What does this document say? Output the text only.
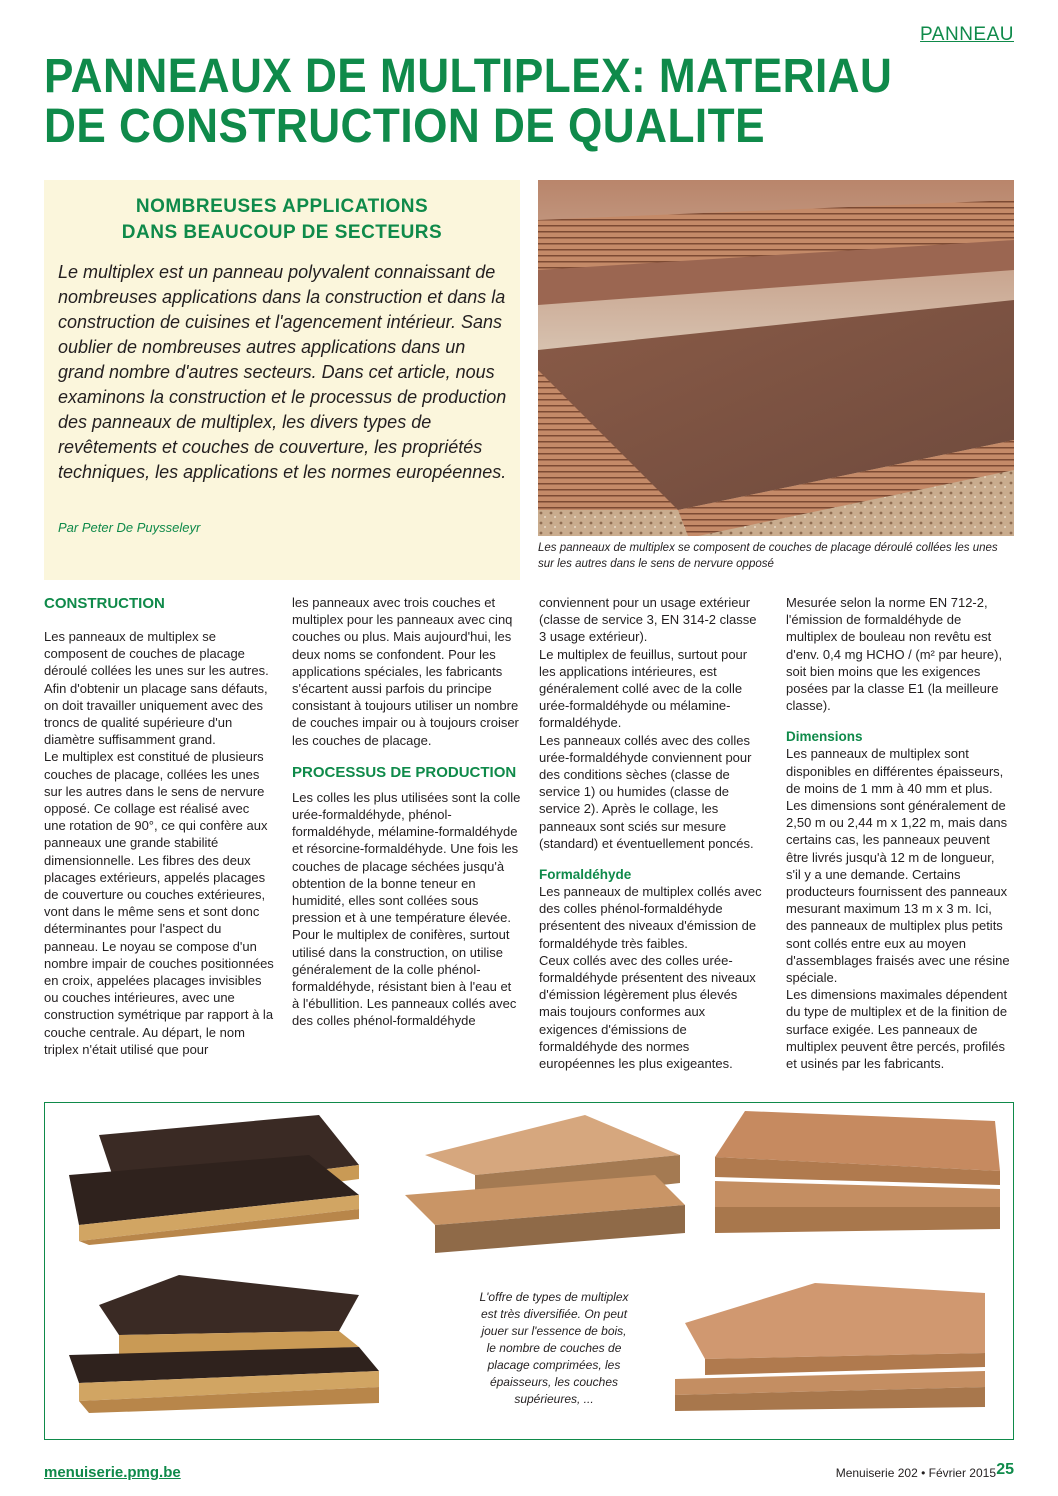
PANNEAU
PANNEAUX DE MULTIPLEX: MATERIAU DE CONSTRUCTION DE QUALITE
NOMBREUSES APPLICATIONS
DANS BEAUCOUP DE SECTEURS

Le multiplex est un panneau polyvalent connaissant de nombreuses applications dans la construction et dans la construction de cuisines et l'agencement intérieur. Sans oublier de nombreuses autres applications dans un grand nombre d'autres secteurs. Dans cet article, nous examinons la construction et le processus de production des panneaux de multiplex, les divers types de revêtements et couches de couverture, les propriétés techniques, les applications et les normes européennes.

Par Peter De Puysseleyr
Les panneaux de multiplex se composent de couches de placage déroulé collées les unes sur les autres dans le sens de nervure opposé
CONSTRUCTION

Les panneaux de multiplex se composent de couches de placage déroulé collées les unes sur les autres. Afin d'obtenir un placage sans défauts, on doit travailler uniquement avec des troncs de qualité supérieure d'un diamètre suffisamment grand.
Le multiplex est constitué de plusieurs couches de placage, collées les unes sur les autres dans le sens de nervure opposé. Ce collage est réalisé avec une rotation de 90°, ce qui confère aux panneaux une grande stabilité dimensionnelle. Les fibres des deux placages extérieurs, appelés placages de couverture ou couches extérieures, vont dans le même sens et sont donc déterminantes pour l'aspect du panneau. Le noyau se compose d'un nombre impair de couches positionnées en croix, appelées placages invisibles ou couches intérieures, avec une construction symétrique par rapport à la couche centrale. Au départ, le nom triplex n'était utilisé que pour

les panneaux avec trois couches et multiplex pour les panneaux avec cinq couches ou plus. Mais aujourd'hui, les deux noms se confondent. Pour les applications spéciales, les fabricants s'écartent aussi parfois du principe consistant à toujours utiliser un nombre de couches impair ou à toujours croiser les couches de placage.

PROCESSUS DE PRODUCTION

Les colles les plus utilisées sont la colle urée-formaldéhyde, phénol-formaldéhyde, mélamine-formaldéhyde et résorcine-formaldéhyde. Une fois les couches de placage séchées jusqu'à obtention de la bonne teneur en humidité, elles sont collées sous pression et à une température élevée.
Pour le multiplex de conifères, surtout utilisé dans la construction, on utilise généralement de la colle phénol-formaldéhyde, résistant bien à l'eau et à l'ébullition. Les panneaux collés avec des colles phénol-formaldéhyde

conviennent pour un usage extérieur (classe de service 3, EN 314-2 classe 3 usage extérieur).
Le multiplex de feuillus, surtout pour les applications intérieures, est généralement collé avec de la colle urée-formaldéhyde ou mélamine-formaldéhyde.
Les panneaux collés avec des colles urée-formaldéhyde conviennent pour des conditions sèches (classe de service 1) ou humides (classe de service 2). Après le collage, les panneaux sont sciés sur mesure (standard) et éventuellement poncés.

Formaldéhyde

Les panneaux de multiplex collés avec des colles phénol-formaldéhyde présentent des niveaux d'émission de formaldéhyde très faibles.
Ceux collés avec des colles urée-formaldéhyde présentent des niveaux d'émission légèrement plus élevés mais toujours conformes aux exigences d'émissions de formaldéhyde des normes européennes les plus exigeantes.

Mesurée selon la norme EN 712-2, l'émission de formaldéhyde de multiplex de bouleau non revêtu est d'env. 0,4 mg HCHO / (m² par heure), soit bien moins que les exigences posées par la classe E1 (la meilleure classe).

Dimensions

Les panneaux de multiplex sont disponibles en différentes épaisseurs, de moins de 1 mm à 40 mm et plus. Les dimensions sont généralement de 2,50 m ou 2,44 m x 1,22 m, mais dans certains cas, les panneaux peuvent être livrés jusqu'à 12 m de longueur, s'il y a une demande. Certains producteurs fournissent des panneaux mesurant maximum 13 m x 3 m. Ici, des panneaux de multiplex plus petits sont collés entre eux au moyen d'assemblages fraisés avec une résine spéciale.
Les dimensions maximales dépendent du type de multiplex et de la finition de surface exigée. Les panneaux de multiplex peuvent être percés, profilés et usinés par les fabricants.

L'offre de types de multiplex
est très diversifiée. On peut
jouer sur l'essence de bois,
le nombre de couches de
placage comprimées, les
épaisseurs, les couches
supérieures, ...
menuiserie.pmg.be	Menuiserie 202 • Février 2015 25
